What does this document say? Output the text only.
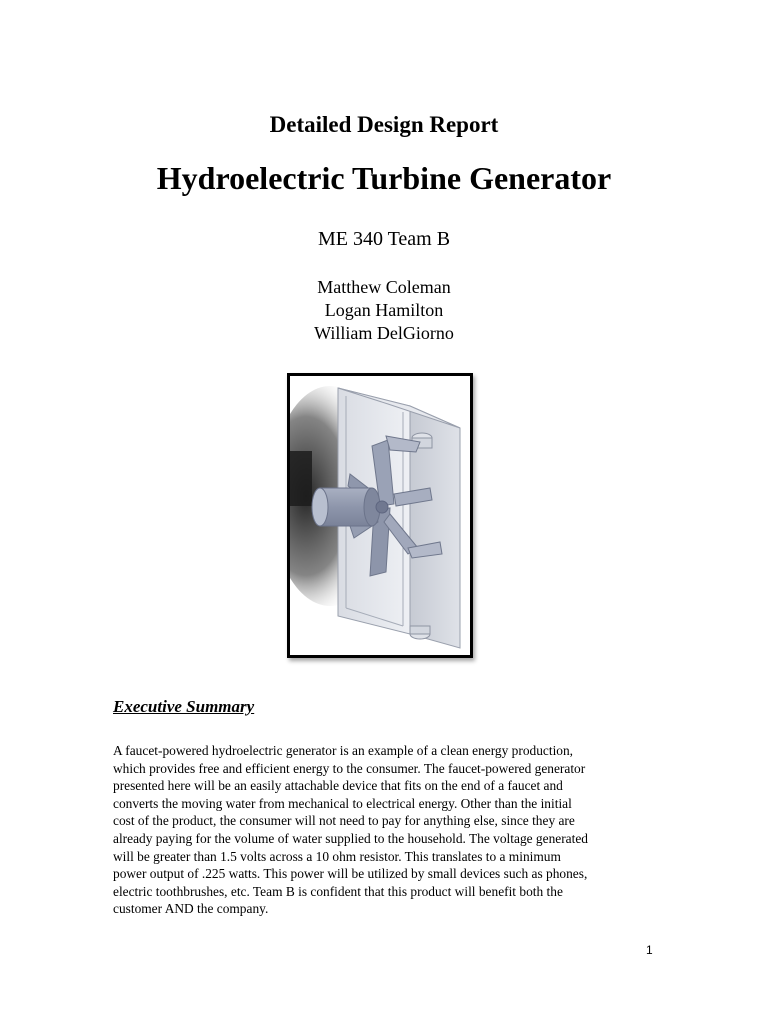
Detailed Design Report
Hydroelectric Turbine Generator
ME 340 Team B
Matthew Coleman
Logan Hamilton
William DelGiorno
Executive Summary

A faucet-powered hydroelectric generator is an example of a clean energy production,
which provides free and efficient energy to the consumer. The faucet-powered generator
presented here will be an easily attachable device that fits on the end of a faucet and
converts the moving water from mechanical to electrical energy. Other than the initial
cost of the product, the consumer will not need to pay for anything else, since they are
already paying for the volume of water supplied to the household. The voltage generated
will be greater than 1.5 volts across a 10 ohm resistor. This translates to a minimum
power output of .225 watts. This power will be utilized by small devices such as phones,
electric toothbrushes, etc. Team B is confident that this product will benefit both the
customer AND the company.

1
